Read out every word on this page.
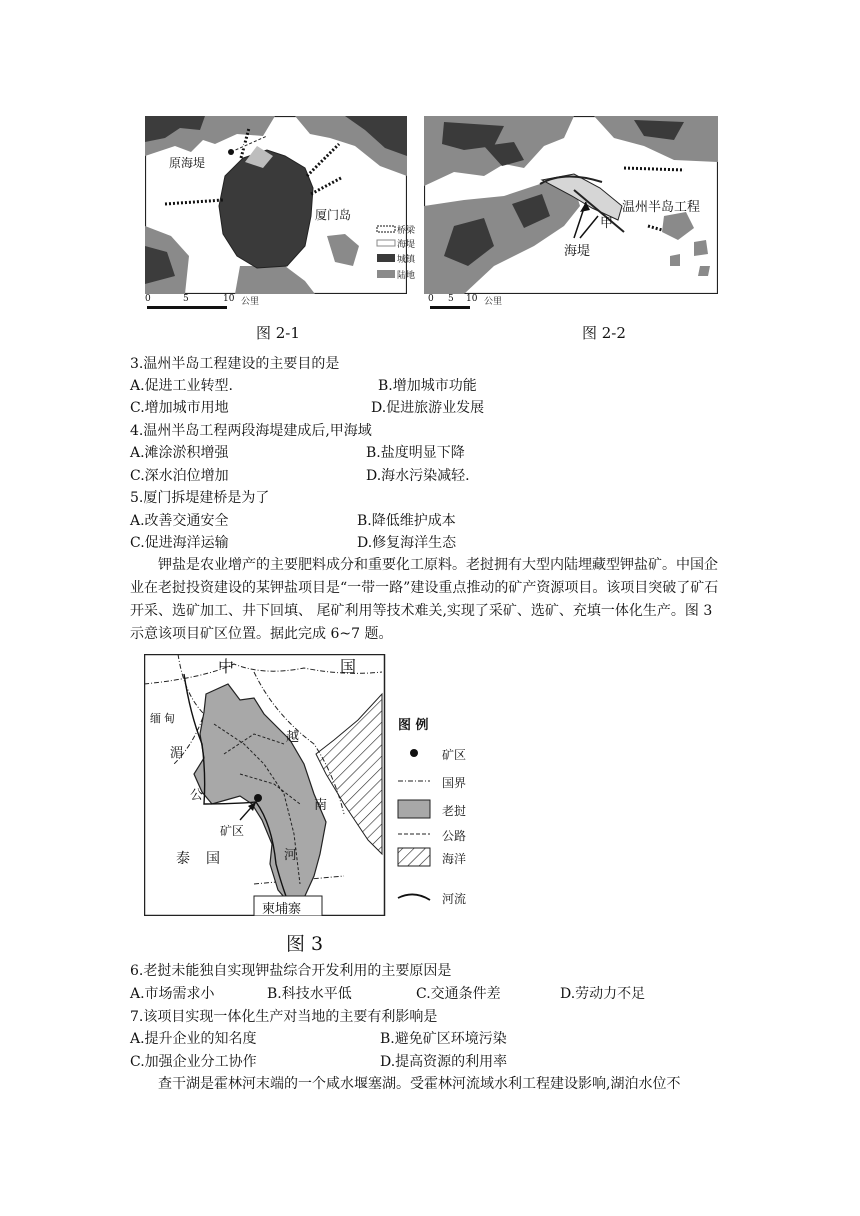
原海堤
厦门岛
桥梁
海堤
城镇
陆地
0	5	10 公里
图 2-1
温州半岛工程
甲
海堤
0 5 10 公里
图 2-2
3.温州半岛工程建设的主要目的是
A.促进工业转型.	B.增加城市功能
C.增加城市用地	D.促进旅游业发展
4.温州半岛工程两段海堤建成后,甲海域
A.滩涂淤积增强	B.盐度明显下降
C.深水泊位增加	D.海水污染减轻.
5.厦门拆堤建桥是为了
A.改善交通安全	B.降低维护成本
C.促进海洋运输	D.修复海洋生态
钾盐是农业增产的主要肥料成分和重要化工原料。老挝拥有大型内陆埋藏型钾盐矿。中国企业在老挝投资建设的某钾盐项目是“一带一路”建设重点推动的矿产资源项目。该项目突破了矿石开采、选矿加工、井下回填、 尾矿利用等技术难关,实现了采矿、选矿、充填一体化生产。图 3 示意该项目矿区位置。据此完成 6~7 题。
中	国
缅 甸
湄
公
越
南
矿区
泰 国	河
柬埔寨
图 例
矿区
国界
老挝
公路
海洋
河流
图 3
6.老挝未能独自实现钾盐综合开发利用的主要原因是
A.市场需求小	B.科技水平低	C.交通条件差	D.劳动力不足
7.该项目实现一体化生产对当地的主要有利影响是
A.提升企业的知名度	B.避免矿区环境污染
C.加强企业分工协作	D.提高资源的利用率
查干湖是霍林河末端的一个咸水堰塞湖。受霍林河流域水利工程建设影响,湖泊水位不
